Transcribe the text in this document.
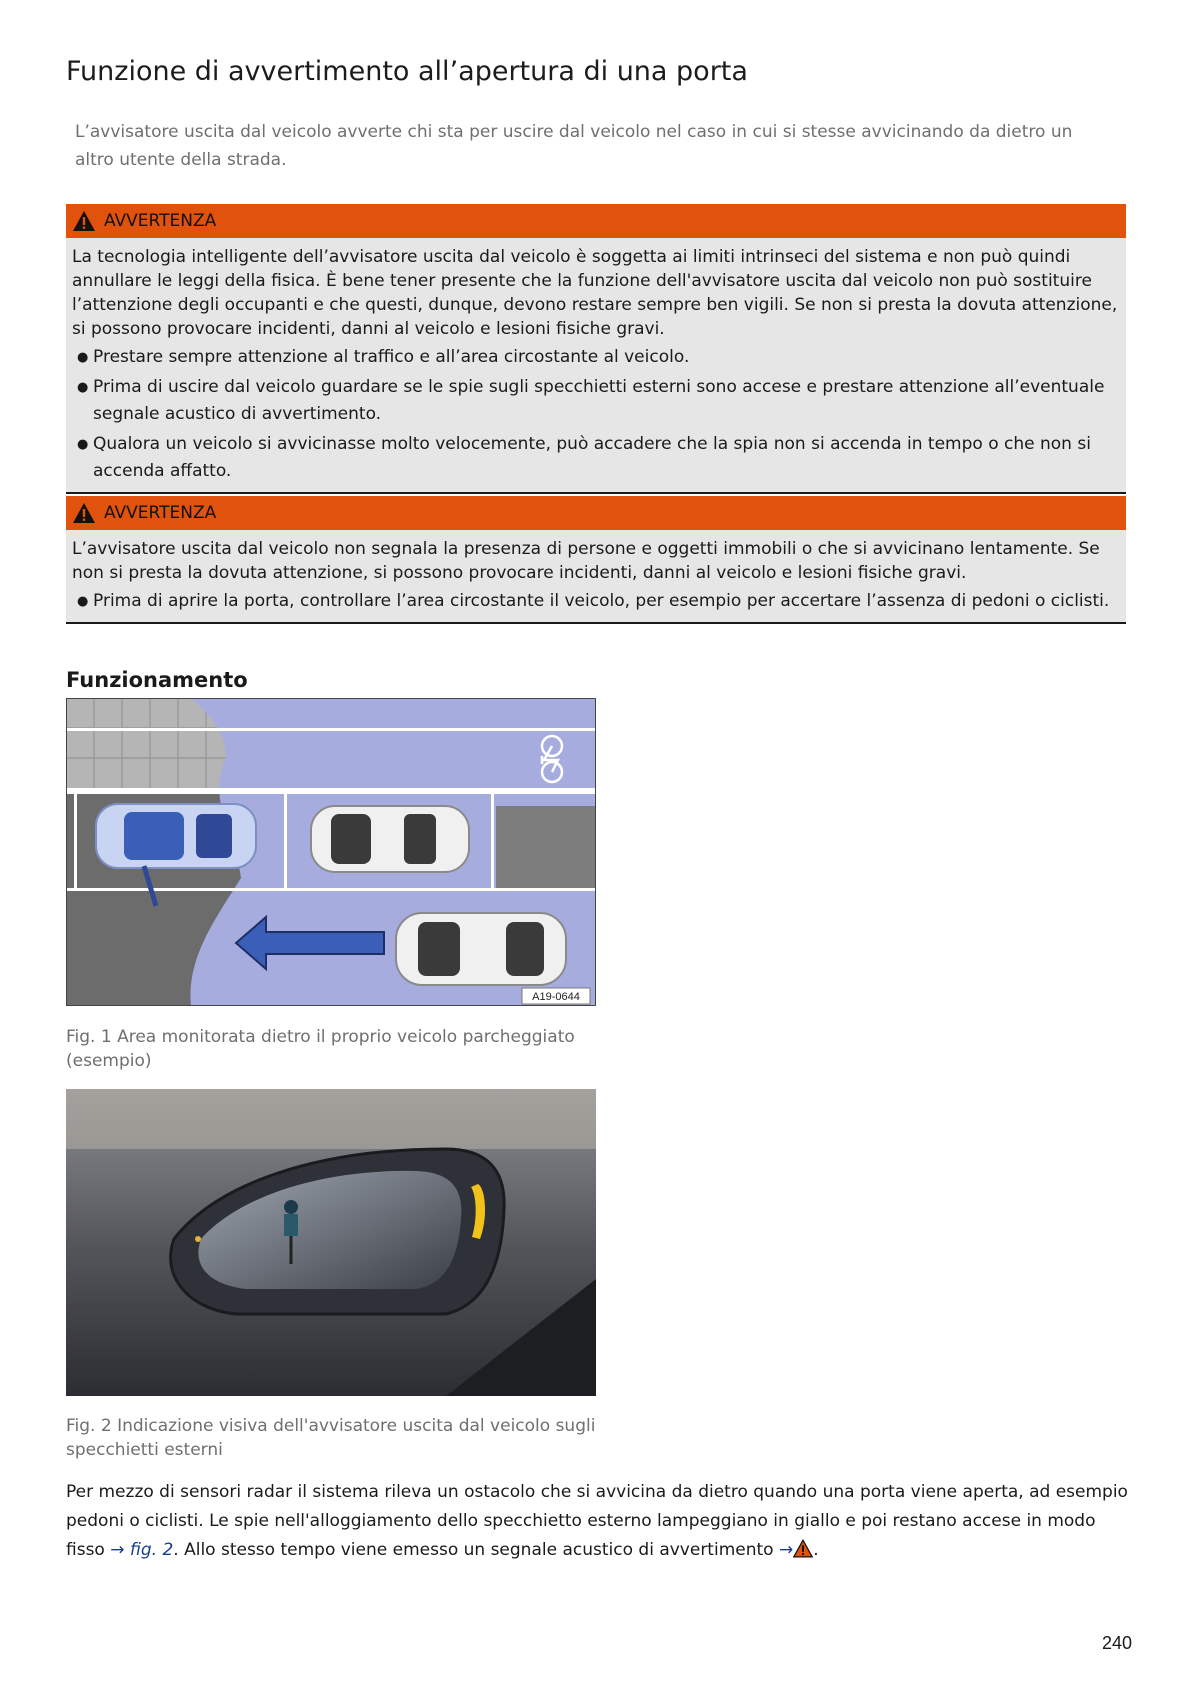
Funzione di avvertimento all’apertura di una porta
L’avvisatore uscita dal veicolo avverte chi sta per uscire dal veicolo nel caso in cui si stesse avvicinando da dietro un altro utente della strada.
AVVERTENZA

La tecnologia intelligente dell’avvisatore uscita dal veicolo è soggetta ai limiti intrinseci del sistema e non può quindi annullare le leggi della fisica. È bene tener presente che la funzione dell'avvisatore uscita dal veicolo non può sostituire l’attenzione degli occupanti e che questi, dunque, devono restare sempre ben vigili. Se non si presta la dovuta attenzione, si possono provocare incidenti, danni al veicolo e lesioni fisiche gravi.

● Prestare sempre attenzione al traffico e all’area circostante al veicolo.
● Prima di uscire dal veicolo guardare se le spie sugli specchietti esterni sono accese e prestare attenzione all’eventuale segnale acustico di avvertimento.
● Qualora un veicolo si avvicinasse molto velocemente, può accadere che la spia non si accenda in tempo o che non si accenda affatto.
AVVERTENZA

L’avvisatore uscita dal veicolo non segnala la presenza di persone e oggetti immobili o che si avvicinano lentamente. Se non si presta la dovuta attenzione, si possono provocare incidenti, danni al veicolo e lesioni fisiche gravi.

● Prima di aprire la porta, controllare l’area circostante il veicolo, per esempio per accertare l’assenza di pedoni o ciclisti.
Funzionamento
A19-0644
Fig. 1 Area monitorata dietro il proprio veicolo parcheggiato (esempio)
Fig. 2 Indicazione visiva dell'avvisatore uscita dal veicolo sugli specchietti esterni
Per mezzo di sensori radar il sistema rileva un ostacolo che si avvicina da dietro quando una porta viene aperta, ad esempio pedoni o ciclisti. Le spie nell'alloggiamento dello specchietto esterno lampeggiano in giallo e poi restano accese in modo fisso → fig. 2. Allo stesso tempo viene emesso un segnale acustico di avvertimento → .
240
